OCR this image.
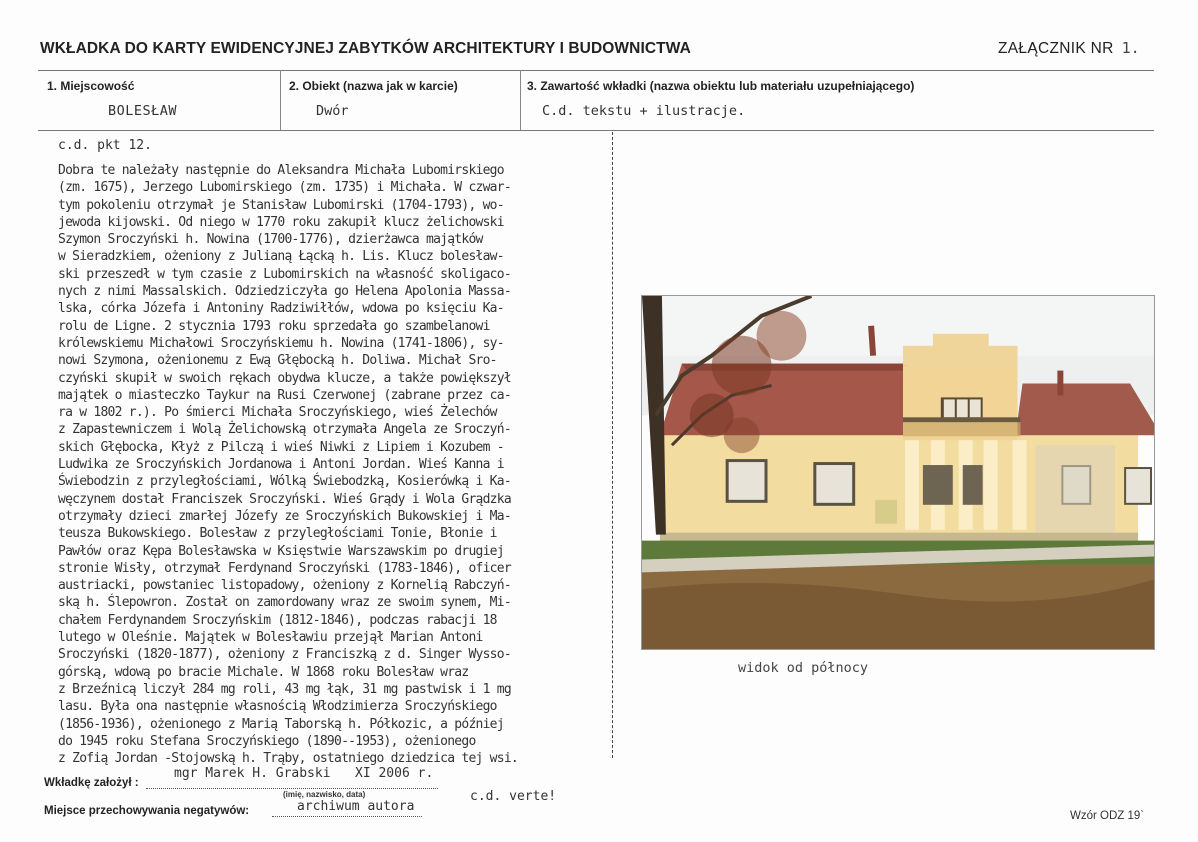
WKŁADKA DO KARTY EWIDENCYJNEJ ZABYTKÓW ARCHITEKTURY I BUDOWNICTWA	ZAŁĄCZNIK NR 1.
1. Miejscowość
BOLESŁAW
2. Obiekt (nazwa jak w karcie)
Dwór
3. Zawartość wkładki (nazwa obiektu lub materiału uzupełniającego)
C.d. tekstu + ilustracje.
c.d. pkt 12.
Dobra te należały następnie do Aleksandra Michała Lubomirskiego
(zm. 1675), Jerzego Lubomirskiego (zm. 1735) i Michała. W czwar-
tym pokoleniu otrzymał je Stanisław Lubomirski (1704-1793), wo-
jewoda kijowski. Od niego w 1770 roku zakupił klucz żelichowski
Szymon Sroczyński h. Nowina (1700-1776), dzierżawca majątków
w Sieradzkiem, ożeniony z Julianą Łącką h. Lis. Klucz bolesław-
ski przeszedł w tym czasie z Lubomirskich na własność skoligaco-
nych z nimi Massalskich. Odziedziczyła go Helena Apolonia Massa-
lska, córka Józefa i Antoniny Radziwiłłów, wdowa po księciu Ka-
rolu de Ligne. 2 stycznia 1793 roku sprzedała go szambelanowi
królewskiemu Michałowi Sroczyńskiemu h. Nowina (1741-1806), sy-
nowi Szymona, ożenionemu z Ewą Głębocką h. Doliwa. Michał Sro-
czyński skupił w swoich rękach obydwa klucze, a także powiększył
majątek o miasteczko Taykur na Rusi Czerwonej (zabrane przez ca-
ra w 1802 r.). Po śmierci Michała Sroczyńskiego, wieś Żelechów
z Zapastewniczem i Wolą Żelichowską otrzymała Angela ze Sroczyń-
skich Głębocka, Kłyż z Pilczą i wieś Niwki z Lipiem i Kozubem -
Ludwika ze Sroczyńskich Jordanowa i Antoni Jordan. Wieś Kanna i
Świebodzin z przyległościami, Wólką Świebodzką, Kosierówką i Ka-
węczynem dostał Franciszek Sroczyński. Wieś Grądy i Wola Grądzka
otrzymały dzieci zmarłej Józefy ze Sroczyńskich Bukowskiej i Ma-
teusza Bukowskiego. Bolesław z przyległościami Tonie, Błonie i
Pawłów oraz Kępa Bolesławska w Księstwie Warszawskim po drugiej
stronie Wisły, otrzymał Ferdynand Sroczyński (1783-1846), oficer
austriacki, powstaniec listopadowy, ożeniony z Kornelią Rabczyń-
ską h. Ślepowron. Został on zamordowany wraz ze swoim synem, Mi-
chałem Ferdynandem Sroczyńskim (1812-1846), podczas rabacji 18
lutego w Oleśnie. Majątek w Bolesławiu przejął Marian Antoni
Sroczyński (1820-1877), ożeniony z Franciszką z d. Singer Wysso-
górską, wdową po bracie Michale. W 1868 roku Bolesław wraz
z Brzeźnicą liczył 284 mg roli, 43 mg łąk, 31 mg pastwisk i 1 mg
lasu. Była ona następnie własnością Włodzimierza Sroczyńskiego
(1856-1936), ożenionego z Marią Taborską h. Półkozic, a później
do 1945 roku Stefana Sroczyńskiego (1890--1953), ożenionego
z Zofią Jordan -Stojowską h. Trąby, ostatniego dziedzica tej wsi.
widok od północy
Wkładkę założył :
mgr Marek H. Grabski XI 2006 r.
(imię, nazwisko, data)
Miejsce przechowywania negatywów:	archiwum autora
c.d. verte!
Wzór ODZ 19`
